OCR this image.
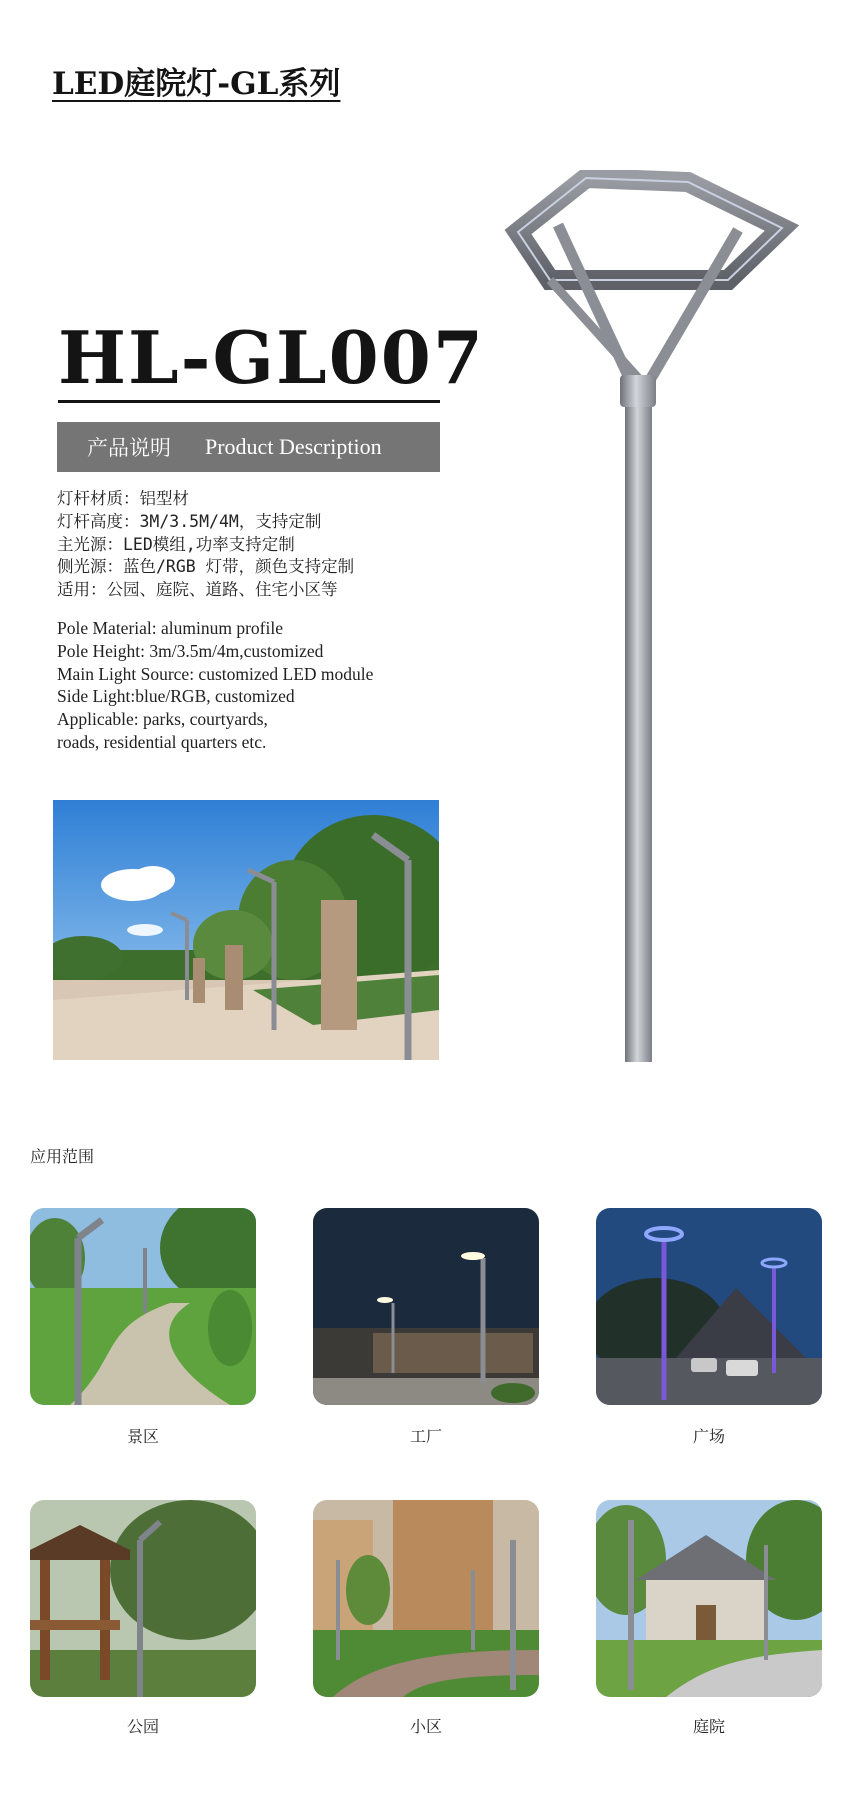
LED庭院灯-GL系列
HL-GL007
产品说明 Product Description
灯杆材质：铝型材
灯杆高度：3M/3.5M/4M，支持定制
主光源：LED模组,功率支持定制
侧光源：蓝色/RGB 灯带，颜色支持定制
适用：公园、庭院、道路、住宅小区等
Pole Material: aluminum profile
Pole Height: 3m/3.5m/4m,customized
Main Light Source: customized LED module
Side Light:blue/RGB, customized
Applicable: parks, courtyards,
roads, residential quarters etc.
应用范围
景区	工厂	广场
公园	小区	庭院
